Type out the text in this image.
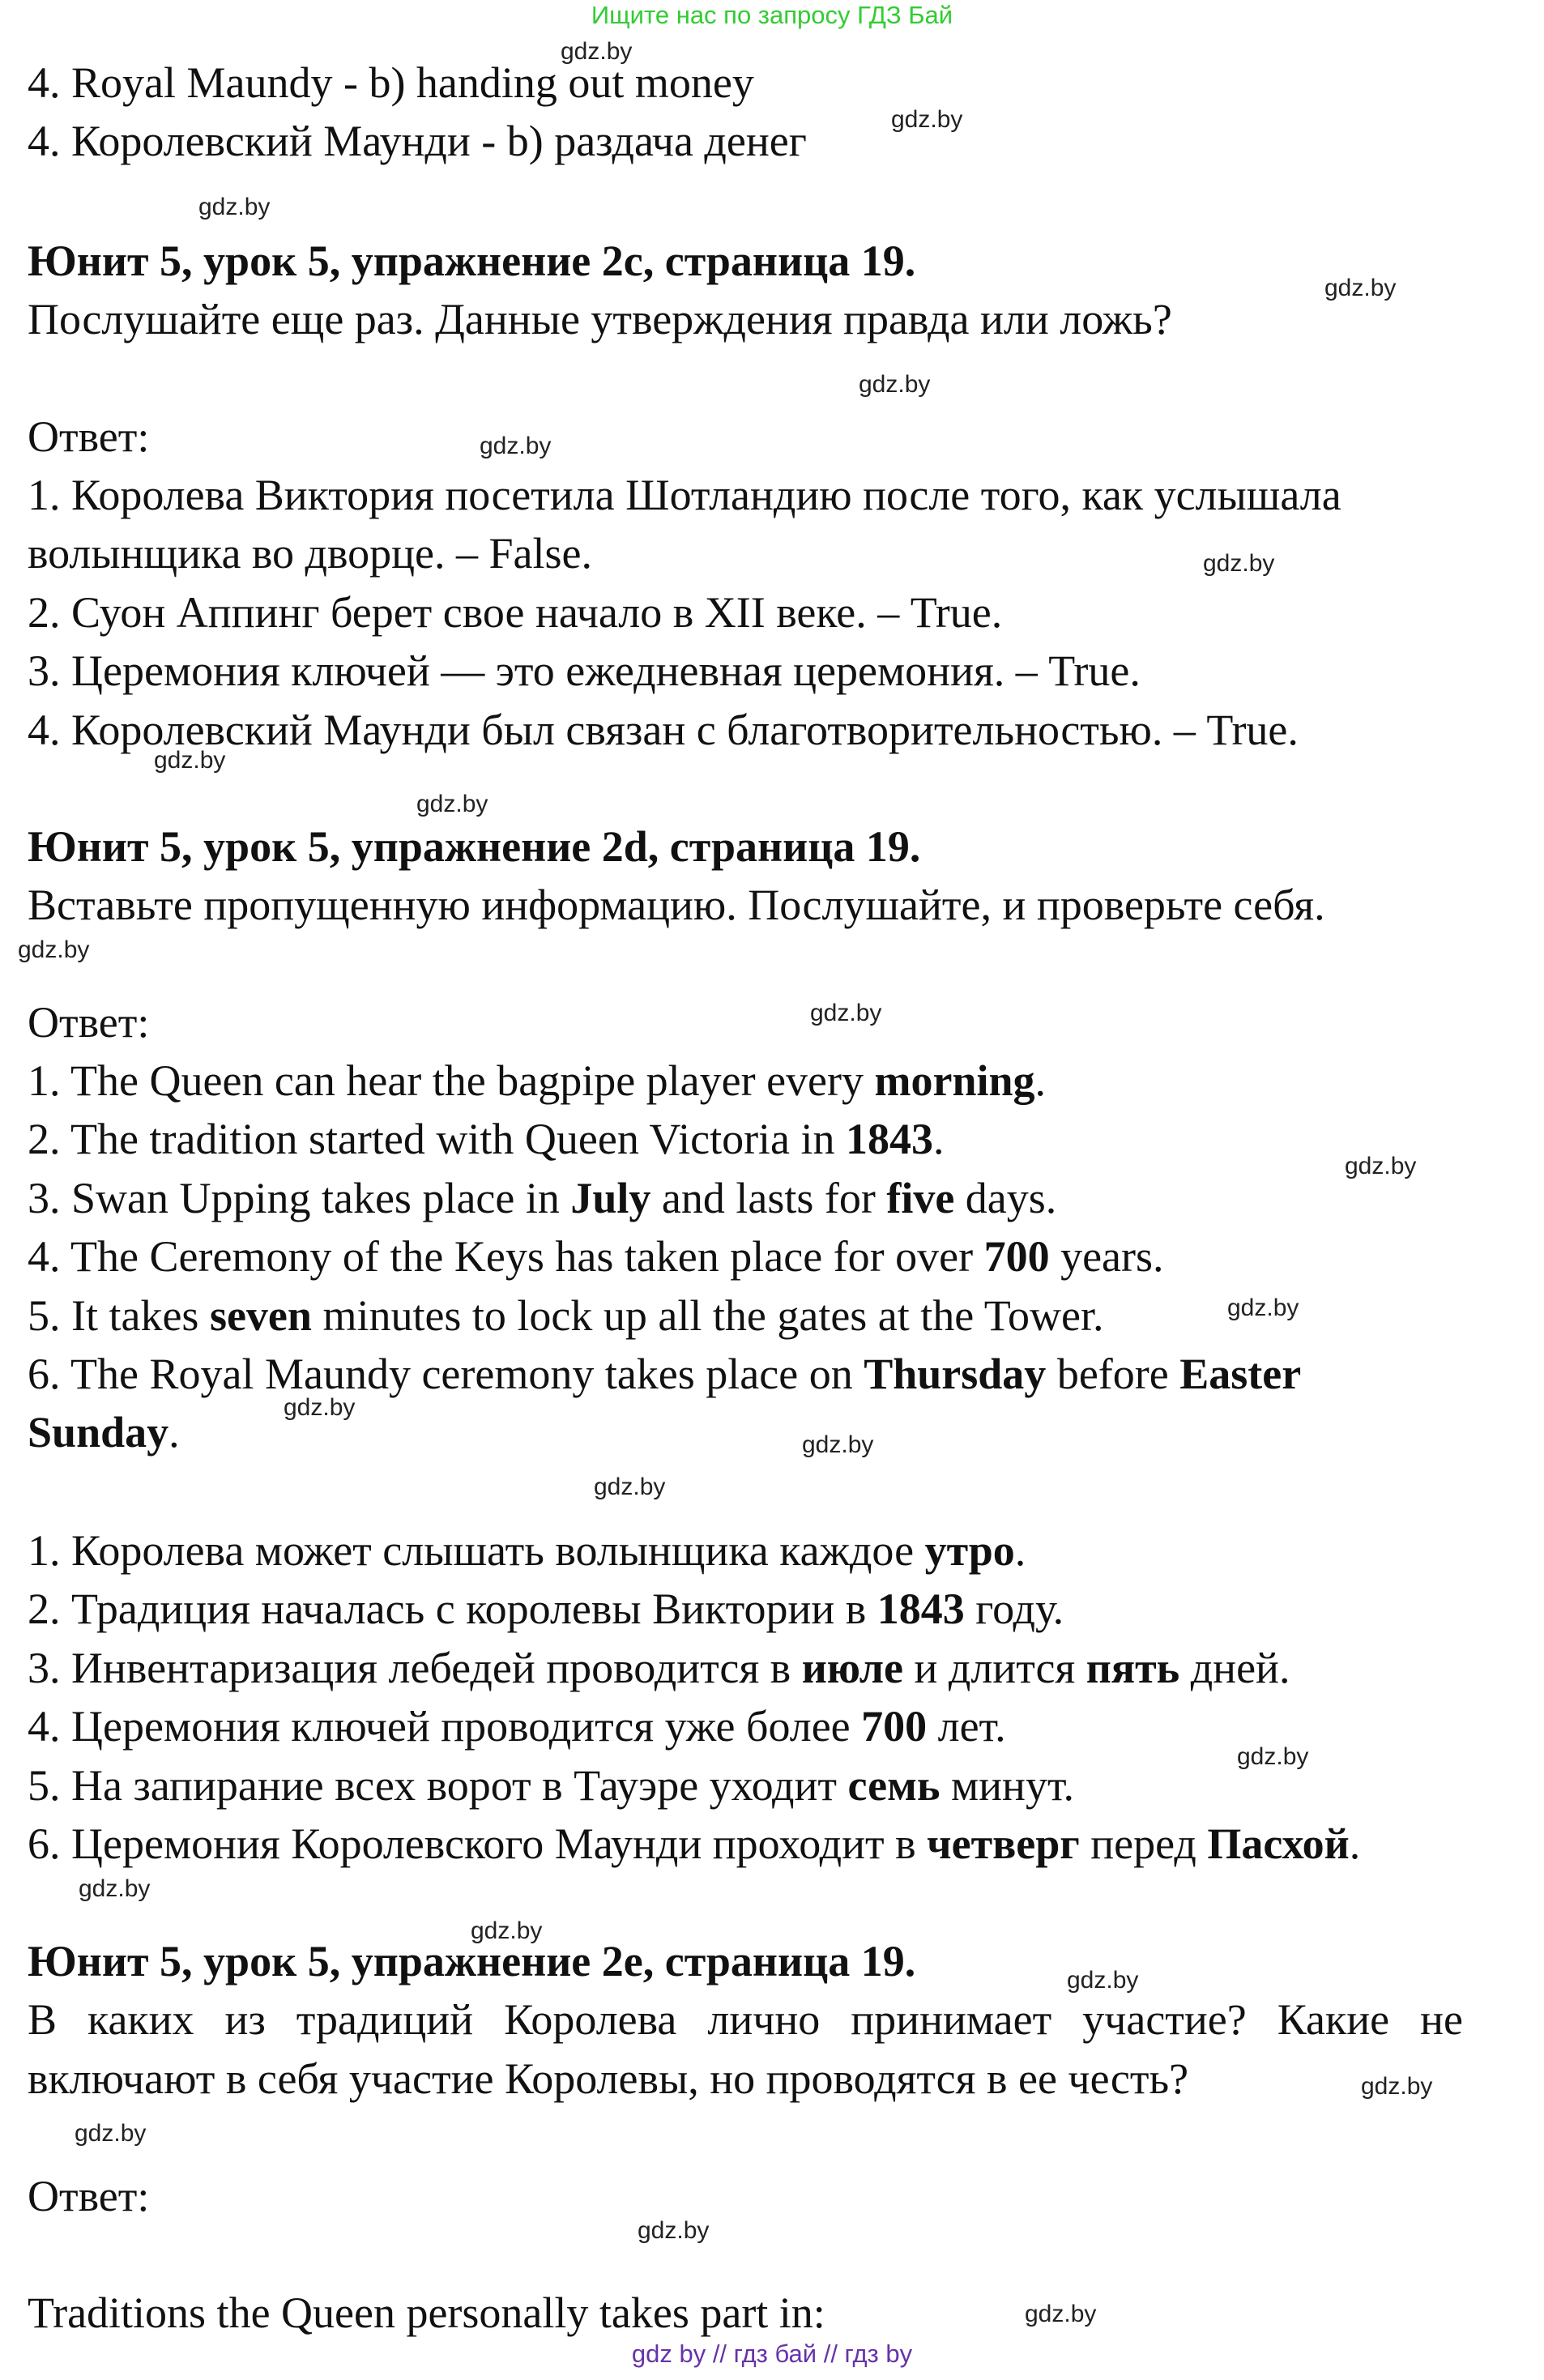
Ищите нас по запросу ГДЗ Бай
4. Royal Maundy - b) handing out money
4. Королевский Маунди - b) раздача денег
Юнит 5, урок 5, упражнение 2c, страница 19.
Послушайте еще раз. Данные утверждения правда или ложь?
Ответ:
1. Королева Виктория посетила Шотландию после того, как услышала
волынщика во дворце. – False.
2. Суон Аппинг берет свое начало в XII веке. – True.
3. Церемония ключей — это ежедневная церемония. – True.
4. Королевский Маунди был связан с благотворительностью. – True.
Юнит 5, урок 5, упражнение 2d, страница 19.
Вставьте пропущенную информацию. Послушайте, и проверьте себя.
Ответ:
1. The Queen can hear the bagpipe player every morning.
2. The tradition started with Queen Victoria in 1843.
3. Swan Upping takes place in July and lasts for five days.
4. The Ceremony of the Keys has taken place for over 700 years.
5. It takes seven minutes to lock up all the gates at the Tower.
6. The Royal Maundy ceremony takes place on Thursday before Easter Sunday.
1. Королева может слышать волынщика каждое утро.
2. Традиция началась с королевы Виктории в 1843 году.
3. Инвентаризация лебедей проводится в июле и длится пять дней.
4. Церемония ключей проводится уже более 700 лет.
5. На запирание всех ворот в Тауэре уходит семь минут.
6. Церемония Королевского Маунди проходит в четверг перед Пасхой.
Юнит 5, урок 5, упражнение 2e, страница 19.
В каких из традиций Королева лично принимает участие? Какие не
включают в себя участие Королевы, но проводятся в ее честь?
Ответ:
Traditions the Queen personally takes part in:
gdz by // гдз бай // гдз by
gdz.by
gdz.by
gdz.by
gdz.by
gdz.by
gdz.by
gdz.by
gdz.by
gdz.by
gdz.by
gdz.by
gdz.by
gdz.by
gdz.by
gdz.by
gdz.by
gdz.by
gdz.by
gdz.by
gdz.by
gdz.by
gdz.by
gdz.by
gdz.by
